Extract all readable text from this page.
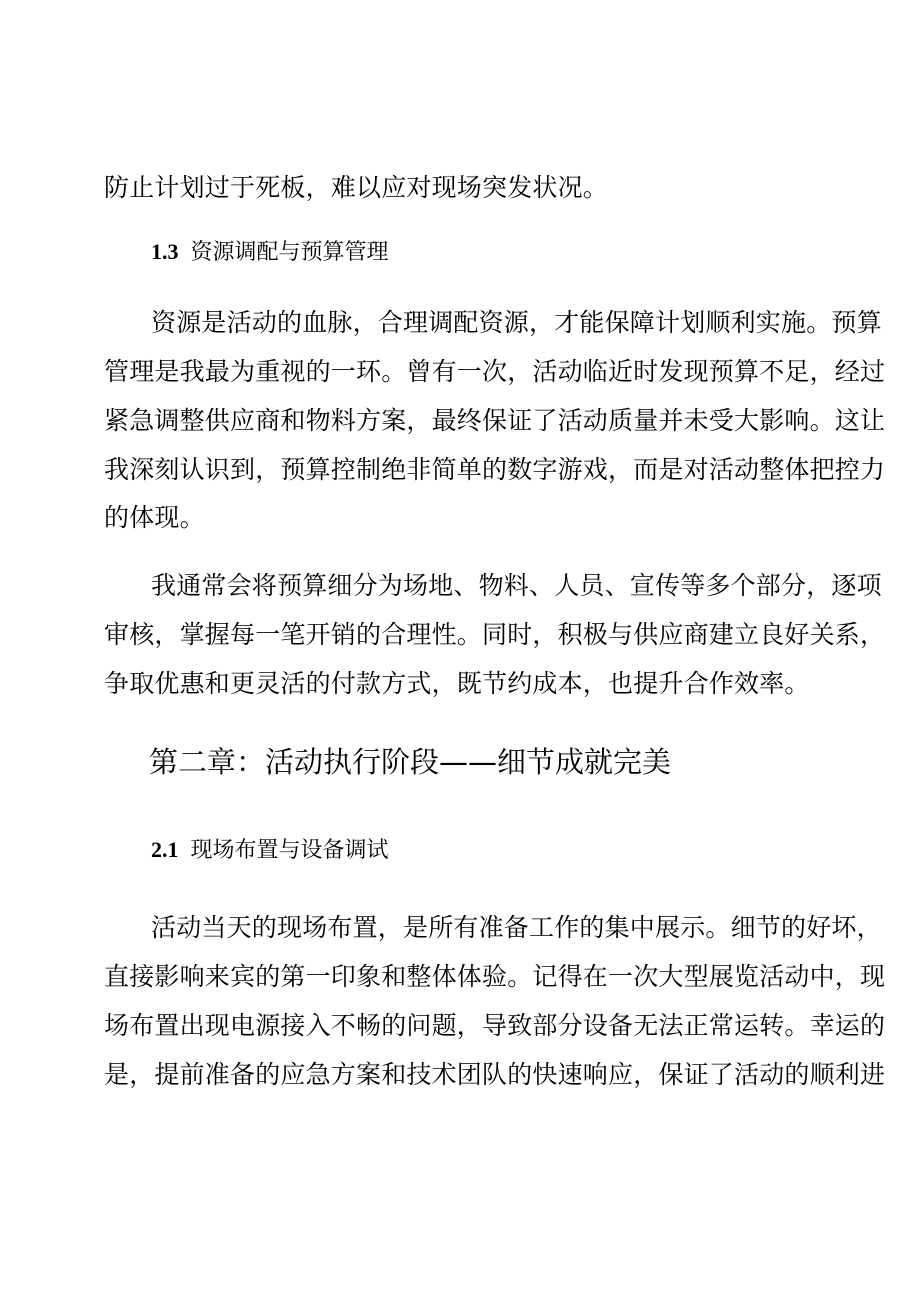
防止计划过于死板，难以应对现场突发状况。
1.3 资源调配与预算管理
资源是活动的血脉，合理调配资源，才能保障计划顺利实施。预算
管理是我最为重视的一环。曾有一次，活动临近时发现预算不足，经过
紧急调整供应商和物料方案，最终保证了活动质量并未受大影响。这让
我深刻认识到，预算控制绝非简单的数字游戏，而是对活动整体把控力
的体现。
我通常会将预算细分为场地、物料、人员、宣传等多个部分，逐项
审核，掌握每一笔开销的合理性。同时，积极与供应商建立良好关系，
争取优惠和更灵活的付款方式，既节约成本，也提升合作效率。
第二章：活动执行阶段——细节成就完美
2.1 现场布置与设备调试
活动当天的现场布置，是所有准备工作的集中展示。细节的好坏，
直接影响来宾的第一印象和整体体验。记得在一次大型展览活动中，现
场布置出现电源接入不畅的问题，导致部分设备无法正常运转。幸运的
是，提前准备的应急方案和技术团队的快速响应，保证了活动的顺利进
